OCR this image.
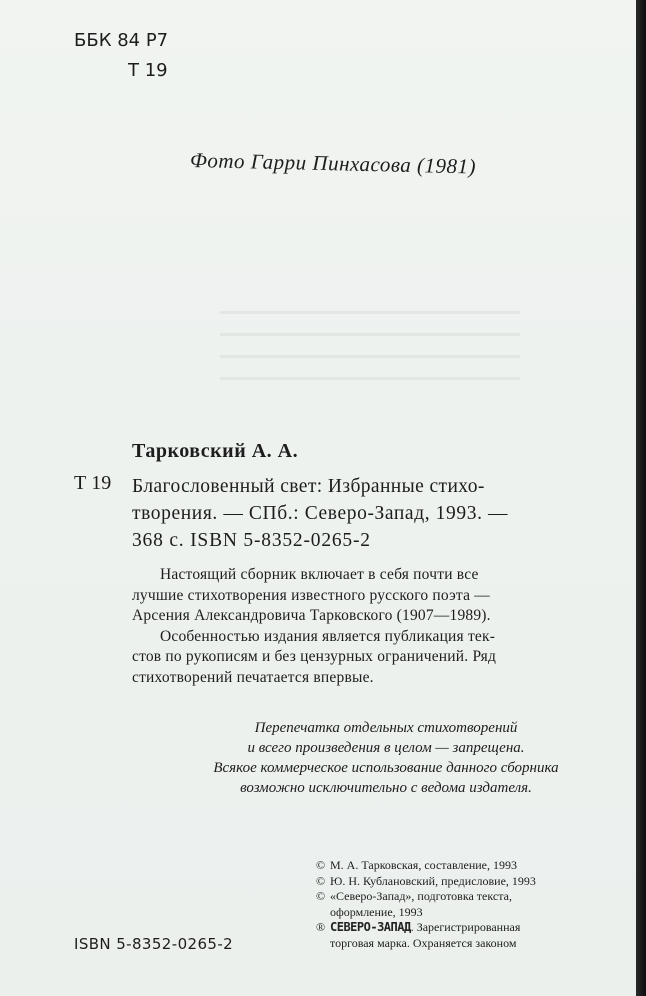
ББК 84 Р7
Т 19
Фото Гарри Пинхасова (1981)
Тарковский А. А.
Т 19 Благословенный свет: Избранные стихо-
творения. — СПб.: Северо-Запад, 1993. —
368 с. ISBN 5-8352-0265-2
Настоящий сборник включает в себя почти все
лучшие стихотворения известного русского поэта —
Арсения Александровича Тарковского (1907—1989).
Особенностью издания является публикация тек-
стов по рукописям и без цензурных ограничений. Ряд
стихотворений печатается впервые.
Перепечатка отдельных стихотворений
и всего произведения в целом — запрещена.
Всякое коммерческое использование данного сборника
возможно исключительно с ведома издателя.
© М. А. Тарковская, составление, 1993
© Ю. Н. Кублановский, предисловие, 1993
© «Северо-Запад», подготовка текста,
оформление, 1993
® СЕВЕРО-ЗАПАД. Зарегистрированная
торговая марка. Охраняется законом
ISBN 5-8352-0265-2
